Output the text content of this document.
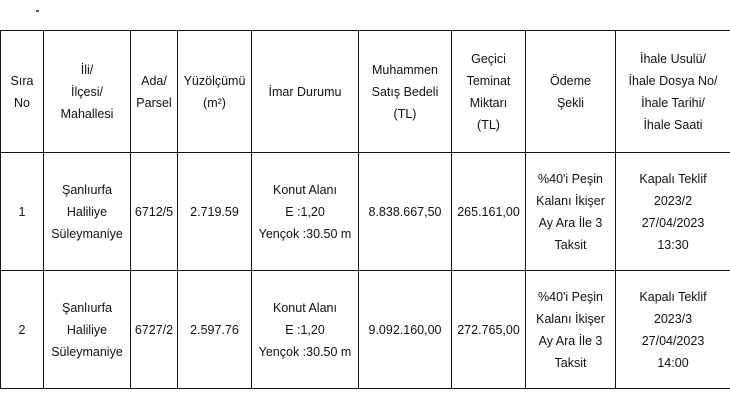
Sıra
No	İli/
İlçesi/
Mahallesi	Ada/
Parsel	Yüzölçümü
(m²)	İmar Durumu	Muhammen
Satış Bedeli
(TL)	Geçici
Teminat
Miktarı
(TL)	Ödeme
Şekli	İhale Usulü/
İhale Dosya No/
İhale Tarihi/
İhale Saati

1	Şanlıurfa
Haliliye
Süleymaniye	6712/5	2.719.59	Konut Alanı
E :1,20
Yençok :30.50 m	8.838.667,50	265.161,00	%40'i Peşin
Kalanı İkişer
Ay Ara İle 3
Taksit	Kapalı Teklif
2023/2
27/04/2023
13:30

2	Şanlıurfa
Haliliye
Süleymaniye	6727/2	2.597.76	Konut Alanı
E :1,20
Yençok :30.50 m	9.092.160,00	272.765,00	%40'i Peşin
Kalanı İkişer
Ay Ara İle 3
Taksit	Kapalı Teklif
2023/3
27/04/2023
14:00
